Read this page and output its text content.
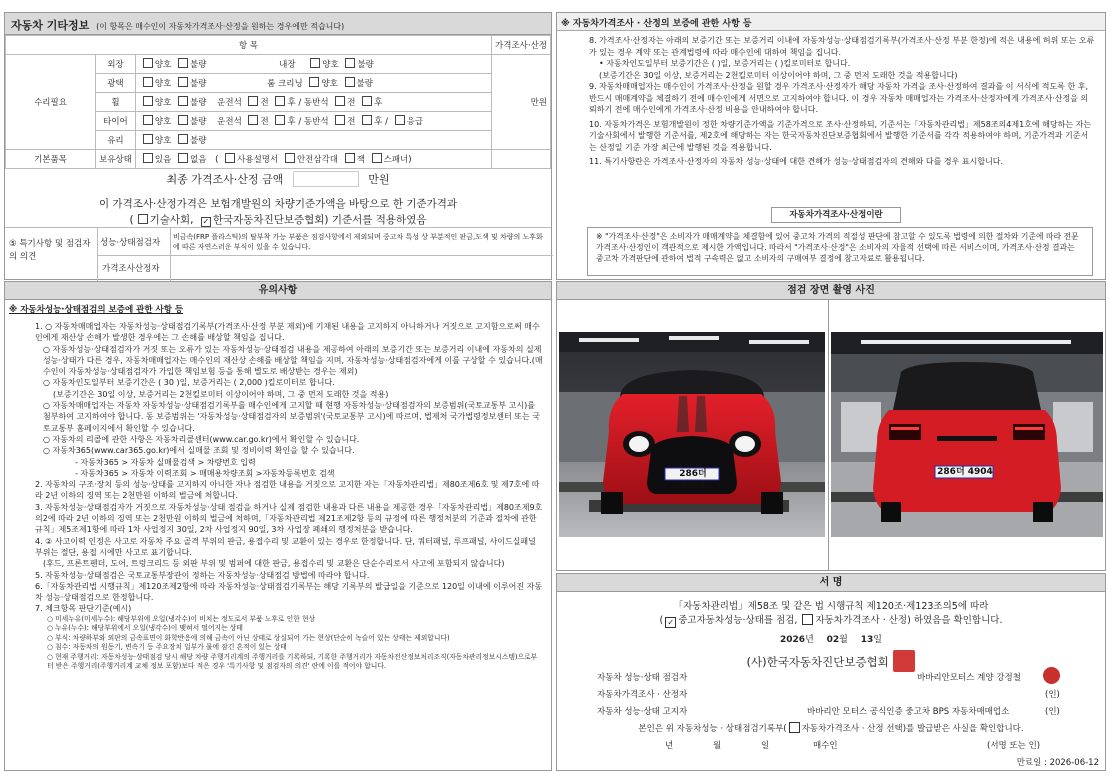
자동차 기타정보 (이 항목은 매수인이 자동차가격조사·산정을 원하는 경우에만 적습니다)
항 목			가격조사·산정
수리필요	외장	양호 불량 내장 양호 불량	만원
	광택	양호 불량 룸 크리닝 양호 불량	
	휠	양호 불량 운전석 전 후 / 동반석 전 후	
	타이어	양호 불량 운전석 전 후 / 동반석 전 후 / 응급	
	유리	양호 불량	
기본품목	보유상태	있음 없음 ( 사용설명서 안전삼각대 잭 스패너)	
최종 가격조사·산정 금액	만원
이 가격조사·산정가격은 보험개발원의 차량기준가액을 바탕으로 한 기준가격과
( 기술사회, ✓ 한국자동차진단보증협회) 기준서를 적용하였음
⑤ 특기사항 및 점검자의 의견
성능·상태점검자
비금속(FRP 플라스틱)의 탈부착 가능 부품은 점검사항에서 제외되며 중고차 특성 상 부분적인 판금,도색 및 차량의 노후화에 따른 자연스러운 부식이 있을 수 있습니다.
가격조사산정자
※ 자동차가격조사 · 산정의 보증에 관한 사항 등

8. 가격조사·산정자는 아래의 보증기간 또는 보증거리 이내에 자동차성능·상태점검기록부(가격조사·산정 부분 한정)에 적은 내용에 허위 또는 오류가 있는 경우 계약 또는 관계법령에 따라 매수인에 대하여 책임을 집니다.

• 자동차인도일부터 보증기간은 ( )일, 보증거리는 ( )킬로미터로 합니다.

(보증기간은 30일 이상, 보증거리는 2천킬로미터 이상이어야 하며, 그 중 먼저 도래한 것을 적용합니다)

9. 자동차매매업자는 매수인이 가격조사·산정을 원할 경우 가격조사·산정자가 해당 자동차 가격을 조사·산정하여 결과를 이 서식에 적도록 한 후, 반드시 매매계약을 체결하기 전에 매수인에게 서면으로 고지하여야 합니다. 이 경우 자동차 매매업자는 가격조사·산정자에게 가격조사·산정을 의뢰하기 전에 매수인에게 가격조사·산정 비용을 안내하여야 합니다.

10. 자동차가격은 보험개발원이 정한 차량기준가액을 기준가격으로 조사·산정하되, 기준서는「자동차관리법」제58조의4제1호에 해당하는 자는 기술사회에서 발행한 기준서를, 제2호에 해당하는 자는 한국자동차진단보증협회에서 발행한 기준서를 각각 적용하여야 하며, 기준가격과 기준서는 산정일 기준 가장 최근에 발행된 것을 적용합니다.

11. 특기사항란은 가격조사·산정자의 자동차 성능·상태에 대한 견해가 성능·상태점검자의 견해와 다를 경우 표시합니다.

자동차가격조사·산정이란
※ "가격조사·산정"은 소비자가 매매계약을 체결함에 있어 중고차 가격의 적절성 판단에 참고할 수 있도록 법령에 의한 절차와 기준에 따라 전문 가격조사·산정인이 객관적으로 제시한 가액입니다. 따라서 "가격조사·산정"은 소비자의 자율적 선택에 따른 서비스이며, 가격조사·산정 결과는 중고차 가격판단에 관하여 법적 구속력은 없고 소비자의 구매여부 결정에 참고자료로 활용됩니다.
유의사항
※ 자동차성능·상태점검의 보증에 관한 사항 등

1. ○ 자동차매매업자는 자동차성능·상태점검기록부(가격조사·산정 부분 제외)에 기재된 내용을 고지하지 아니하거나 거짓으로 고지함으로써 매수인에게 재산상 손해가 발생한 경우에는 그 손해를 배상할 책임을 집니다.

○ 자동차성능·상태점검자가 거짓 또는 오류가 있는 자동차성능·상태점검 내용을 제공하여 아래의 보증기간 또는 보증거리 이내에 자동차의 실제 성능·상태가 다른 경우, 자동차매매업자는 매수인의 재산상 손해를 배상할 책임을 지며, 자동차성능·상태점검자에게 이를 구상할 수 있습니다.(매수인이 자동차성능·상태점검자가 가입한 책임보험 등을 통해 별도로 배상받는 경우는 제외)

○ 자동차인도일부터 보증기간은 ( 30 )일, 보증거리는 ( 2,000 )킬로미터로 합니다.

(보증기간은 30일 이상, 보증거리는 2천킬로미터 이상이어야 하며, 그 중 먼저 도래한 것을 적용)

○ 자동차매매업자는 자동차 자동차성능·상태점검기록부를 매수인에게 고지할 때 현행 자동차성능·상태점검자의 보증범위(국토교통부 고시)를 첨부하여 고지하여야 합니다. 동 보증범위는 '자동차성능·상태점검자의 보증범위'(국토교통부 고시)에 따르며, 법제처 국가법령정보센터 또는 국토교통부 홈페이지에서 확인할 수 있습니다.

○ 자동차의 리콜에 관한 사항은 자동차리콜센터(www.car.go.kr)에서 확인할 수 있습니다.

○ 자동차365(www.car365.go.kr)에서 실매물 조회 및 정비이력 확인을 할 수 있습니다.

- 자동차365 > 자동차 실매물검색 > 차량번호 입력

- 자동차365 > 자동차 이력조회 > 매매용차량조회 >자동차등록번호 검색

2. 자동차의 구조·장치 등의 성능·상태를 고지하지 아니한 자나 점검한 내용을 거짓으로 고지한 자는「자동차관리법」제80조제6호 및 제7호에 따라 2년 이하의 징역 또는 2천만원 이하의 벌금에 처합니다.

3. 자동차성능·상태점검자가 거짓으로 자동차성능·상태 점검을 하거나 실제 점검한 내용과 다른 내용을 제공한 경우「자동차관리법」제80조제9호의2에 따라 2년 이하의 징역 또는 2천만원 이하의 벌금에 처하며,「자동차관리법 제21조제2항 등의 규정에 따른 행정처분의 기준과 절차에 관한 규칙」제5조제1항에 따라 1차 사업정지 30일, 2차 사업정지 90일, 3차 사업장 폐쇄의 행정처분을 받습니다.

4. ② 사고이력 인정은 사고로 자동차 주요 골격 부위의 판금, 용접수리 및 교환이 있는 경우로 한정합니다. 단, 쿼터패널, 루프패널, 사이드실패널 부위는 절단, 용접 시에만 사고로 표기합니다.

(후드, 프론트펜더, 도어, 트렁크리드 등 외판 부위 및 범퍼에 대한 판금, 용접수리 및 교환은 단순수리로서 사고에 포함되지 않습니다)

5. 자동차성능·상태점검은 국토교통부장관이 정하는 자동차성능·상태점검 방법에 따라야 합니다.

6.「자동차관리법 시행규칙」제120조제2항에 따라 자동차성능·상태점검기록부는 해당 기록부의 발급일을 기준으로 120일 이내에 이루어진 자동차 성능·상태점검으로 한정합니다.

7. 체크항목 판단기준(예시)

○ 미세누유(미세누수): 해당부위에 오일(냉각수)이 비치는 정도로서 부품 노후로 인한 현상

○ 누유(누수): 해당부위에서 오일(냉각수)이 맺혀서 떨어지는 상태

○ 부식: 차량하부와 외판의 금속표면이 화학반응에 의해 금속이 아닌 상태로 상실되어 가는 현상(단순히 녹슬어 있는 상태는 제외합니다)

○ 침수: 자동차의 원동기, 변속기 등 주요장치 일부가 물에 잠긴 흔적이 있는 상태

○ 현재 주행거리: 자동차성능·상태점검 당시 해당 차량 주행거리계의 주행거리를 기록하되, 기록한 주행거리가 자동차전산정보처리조직(자동차관리정보시스템)으로부터 받은 주행거리(주행거리계 교체 정보 포함)보다 적은 경우 '특기사항 및 점검자의 의견' 란에 이를 적어야 합니다.

점검 장면 촬영 사진
286더 4904
286더 4904
서 명
「자동차관리법」제58조 및 같은 법 시행규칙 제120조·제123조의5에 따라
( ✓ 중고자동차성능·상태를 점검, 자동차가격조사 · 산정) 하였음을 확인합니다.
2026년 02월 13일
(사)한국자동차진단보증협회
자동차 성능·상태 점검자	바바리안모터스 계양 강정철
자동차가격조사 · 산정자	(인)
자동차 성능·상태 고지자	바바리안 모터스 공식인증 중고차 BPS 자동차매매업소	(인)
본인은 위 자동차성능 · 상태점검기록부( 자동차가격조사 · 산정 선택)를 발급받은 사실을 확인합니다.
년	월	일	매수인	(서명 또는 인)
만료일 : 2026-06-12
